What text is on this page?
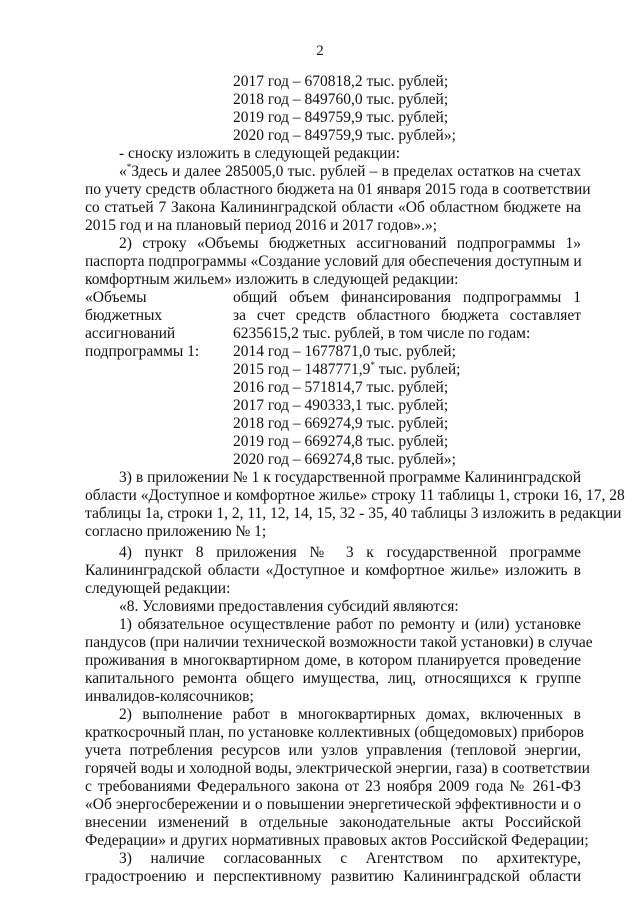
2
2017 год – 670818,2 тыс. рублей;
2018 год – 849760,0 тыс. рублей;
2019 год – 849759,9 тыс. рублей;
2020 год – 849759,9 тыс. рублей»;
- сноску изложить в следующей редакции:
«*Здесь и далее 285005,0 тыс. рублей – в пределах остатков на счетах
по учету средств областного бюджета на 01 января 2015 года в соответствии
со статьей 7 Закона Калининградской области «Об областном бюджете на
2015 год и на плановый период 2016 и 2017 годов».»;
2) строку «Объемы бюджетных ассигнований подпрограммы 1»
паспорта подпрограммы «Создание условий для обеспечения доступным и
комфортным жильем» изложить в следующей редакции:
«Объемы
бюджетных
ассигнований
подпрограммы 1:
общий объем финансирования подпрограммы 1
за счет средств областного бюджета составляет
6235615,2 тыс. рублей, в том числе по годам:
2014 год – 1677871,0 тыс. рублей;
2015 год – 1487771,9* тыс. рублей;
2016 год – 571814,7 тыс. рублей;
2017 год – 490333,1 тыс. рублей;
2018 год – 669274,9 тыс. рублей;
2019 год – 669274,8 тыс. рублей;
2020 год – 669274,8 тыс. рублей»;
3) в приложении № 1 к государственной программе Калининградской
области «Доступное и комфортное жилье» строку 11 таблицы 1, строки 16, 17, 28
таблицы 1а, строки 1, 2, 11, 12, 14, 15, 32 - 35, 40 таблицы 3 изложить в редакции
согласно приложению № 1;
4) пункт 8 приложения № 3 к государственной программе
Калининградской области «Доступное и комфортное жилье» изложить в
следующей редакции:
«8. Условиями предоставления субсидий являются:
1) обязательное осуществление работ по ремонту и (или) установке
пандусов (при наличии технической возможности такой установки) в случае
проживания в многоквартирном доме, в котором планируется проведение
капитального ремонта общего имущества, лиц, относящихся к группе
инвалидов-колясочников;
2) выполнение работ в многоквартирных домах, включенных в
краткосрочный план, по установке коллективных (общедомовых) приборов
учета потребления ресурсов или узлов управления (тепловой энергии,
горячей воды и холодной воды, электрической энергии, газа) в соответствии
с требованиями Федерального закона от 23 ноября 2009 года № 261-ФЗ
«Об энергосбережении и о повышении энергетической эффективности и о
внесении изменений в отдельные законодательные акты Российской
Федерации» и других нормативных правовых актов Российской Федерации;
3) наличие согласованных с Агентством по архитектуре,
градостроению и перспективному развитию Калининградской области
